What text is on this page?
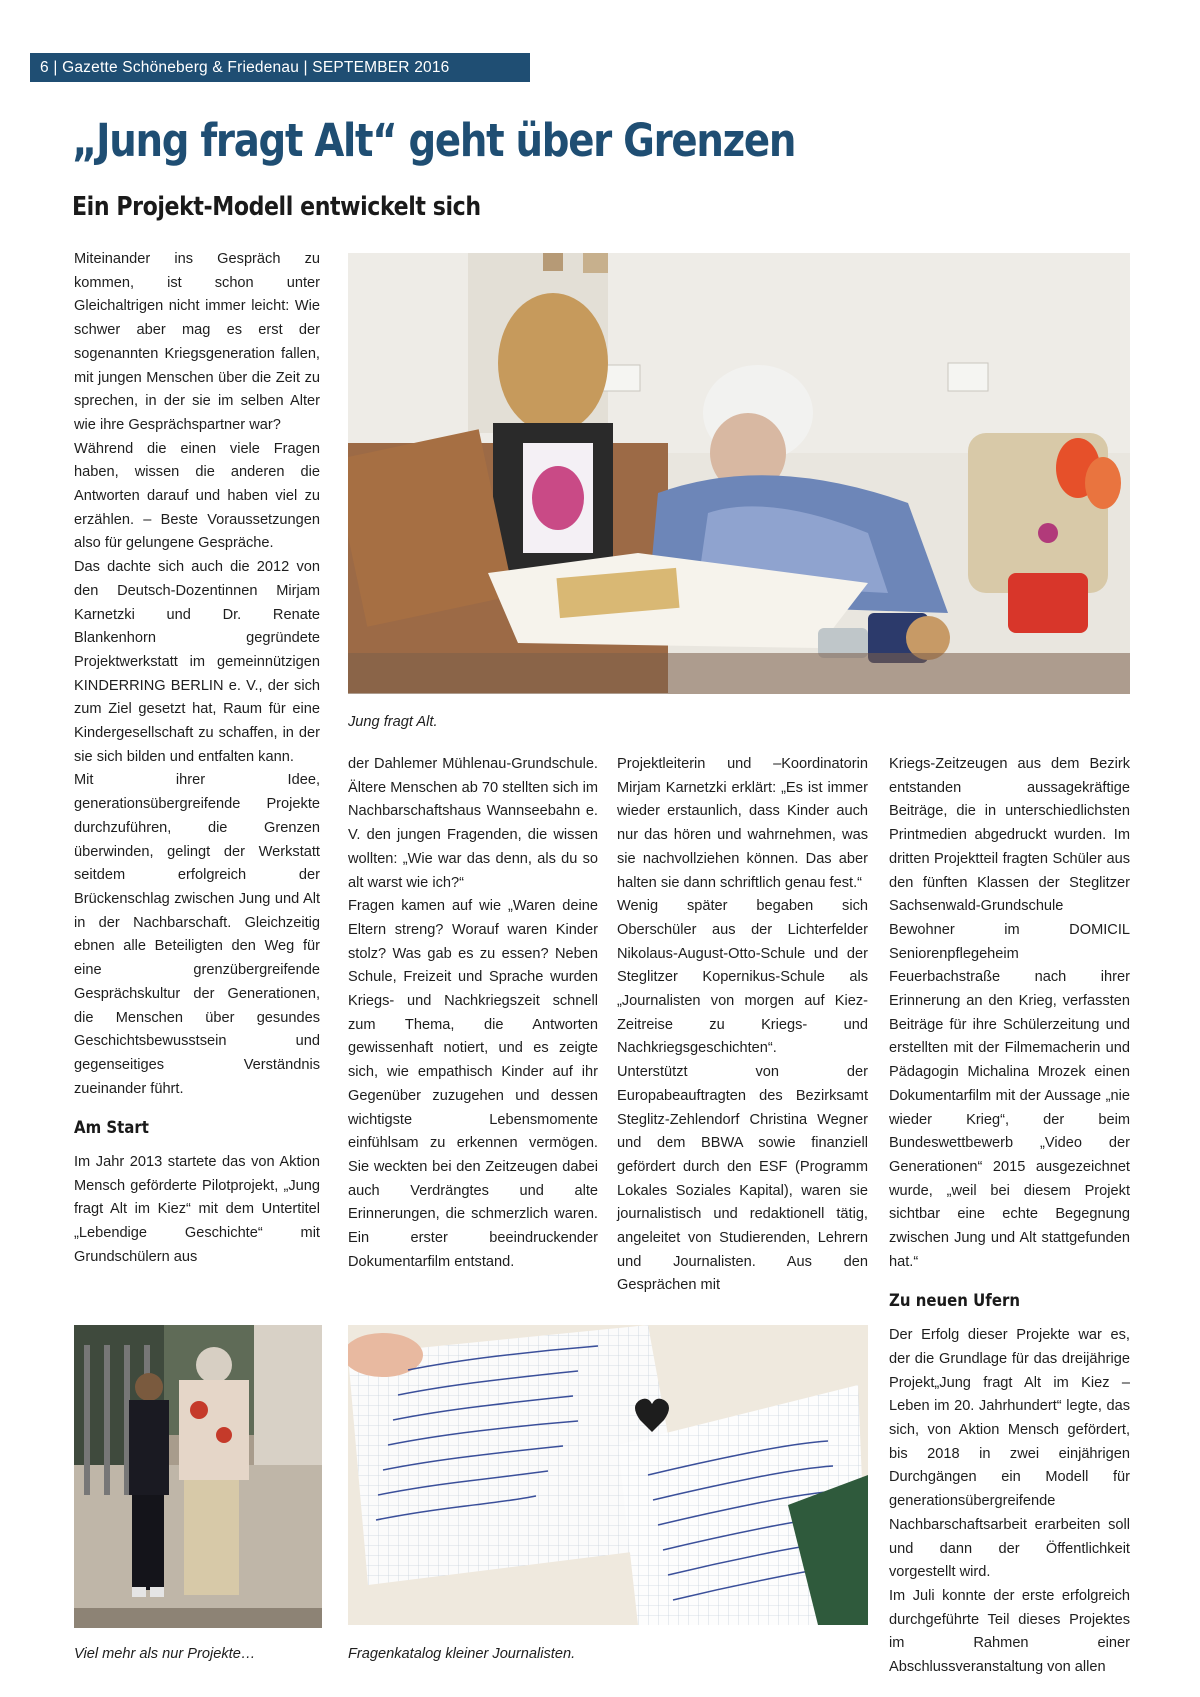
6 | Gazette Schöneberg & Friedenau | SEPTEMBER 2016
„Jung fragt Alt“ geht über Grenzen
Ein Projekt-Modell entwickelt sich

Miteinander ins Gespräch zu kommen, ist schon unter Gleichaltrigen nicht immer leicht: Wie schwer aber mag es erst der sogenannten Kriegsgeneration fallen, mit jungen Menschen über die Zeit zu sprechen, in der sie im selben Alter wie ihre Gesprächspartner war?

Während die einen viele Fragen haben, wissen die anderen die Antworten darauf und haben viel zu erzählen. – Beste Voraussetzungen also für gelungene Gespräche.

Das dachte sich auch die 2012 von den Deutsch-Dozentinnen Mirjam Karnetzki und Dr. Renate Blankenhorn gegründete Projektwerkstatt im gemeinnützigen KINDERRING BERLIN e. V., der sich zum Ziel gesetzt hat, Raum für eine Kindergesellschaft zu schaffen, in der sie sich bilden und entfalten kann.

Mit ihrer Idee, generationsübergreifende Projekte durchzuführen, die Grenzen überwinden, gelingt der Werkstatt seitdem erfolgreich der Brückenschlag zwischen Jung und Alt in der Nachbarschaft. Gleichzeitig ebnen alle Beteiligten den Weg für eine grenzübergreifende Gesprächskultur der Generationen, die Menschen über gesundes Geschichtsbewusstsein und gegenseitiges Verständnis zueinander führt.

Am Start

Im Jahr 2013 startete das von Aktion Mensch geförderte Pilotprojekt, „Jung fragt Alt im Kiez“ mit dem Untertitel „Lebendige Geschichte“ mit Grundschülern aus

Jung fragt Alt.

der Dahlemer Mühlenau-Grundschule. Ältere Menschen ab 70 stellten sich im Nachbarschaftshaus Wannseebahn e. V. den jungen Fragenden, die wissen wollten: „Wie war das denn, als du so alt warst wie ich?“

Fragen kamen auf wie „Waren deine Eltern streng? Worauf waren Kinder stolz? Was gab es zu essen? Neben Schule, Freizeit und Sprache wurden Kriegs- und Nachkriegszeit schnell zum Thema, die Antworten gewissenhaft notiert, und es zeigte sich, wie empathisch Kinder auf ihr Gegenüber zuzugehen und dessen wichtigste Lebensmomente einfühlsam zu erkennen vermögen. Sie weckten bei den Zeitzeugen dabei auch Verdrängtes und alte Erinnerungen, die schmerzlich waren. Ein erster beeindruckender Dokumentarfilm entstand.

Projektleiterin und –Koordinatorin Mirjam Karnetzki erklärt: „Es ist immer wieder erstaunlich, dass Kinder auch nur das hören und wahrnehmen, was sie nachvollziehen können. Das aber halten sie dann schriftlich genau fest.“

Wenig später begaben sich Oberschüler aus der Lichterfelder Nikolaus-August-Otto-Schule und der Steglitzer Kopernikus-Schule als „Journalisten von morgen auf Kiez-Zeitreise zu Kriegs- und Nachkriegsgeschichten“.

Unterstützt von der Europabeauftragten des Bezirksamt Steglitz-Zehlendorf Christina Wegner und dem BBWA sowie finanziell gefördert durch den ESF (Programm Lokales Soziales Kapital), waren sie journalistisch und redaktionell tätig, angeleitet von Studierenden, Lehrern und Journalisten. Aus den Gesprächen mit

Kriegs-Zeitzeugen aus dem Bezirk entstanden aussagekräftige Beiträge, die in unterschiedlichsten Printmedien abgedruckt wurden. Im dritten Projektteil fragten Schüler aus den fünften Klassen der Steglitzer Sachsenwald-Grundschule Bewohner im DOMICIL Seniorenpflegeheim Feuerbachstraße nach ihrer Erinnerung an den Krieg, verfassten Beiträge für ihre Schülerzeitung und erstellten mit der Filmemacherin und Pädagogin Michalina Mrozek einen Dokumentarfilm mit der Aussage „nie wieder Krieg“, der beim Bundeswettbewerb „Video der Generationen“ 2015 ausgezeichnet wurde, „weil bei diesem Projekt sichtbar eine echte Begegnung zwischen Jung und Alt stattgefunden hat.“

Zu neuen Ufern

Der Erfolg dieser Projekte war es, der die Grundlage für das dreijährige Projekt„Jung fragt Alt im Kiez – Leben im 20. Jahrhundert“ legte, das sich, von Aktion Mensch gefördert, bis 2018 in zwei einjährigen Durchgängen ein Modell für generationsübergreifende Nachbarschaftsarbeit erarbeiten soll und dann der Öffentlichkeit vorgestellt wird.

Im Juli konnte der erste erfolgreich durchgeführte Teil dieses Projektes im Rahmen einer Abschlussveranstaltung von allen

Viel mehr als nur Projekte…	Fragenkatalog kleiner Journalisten.
